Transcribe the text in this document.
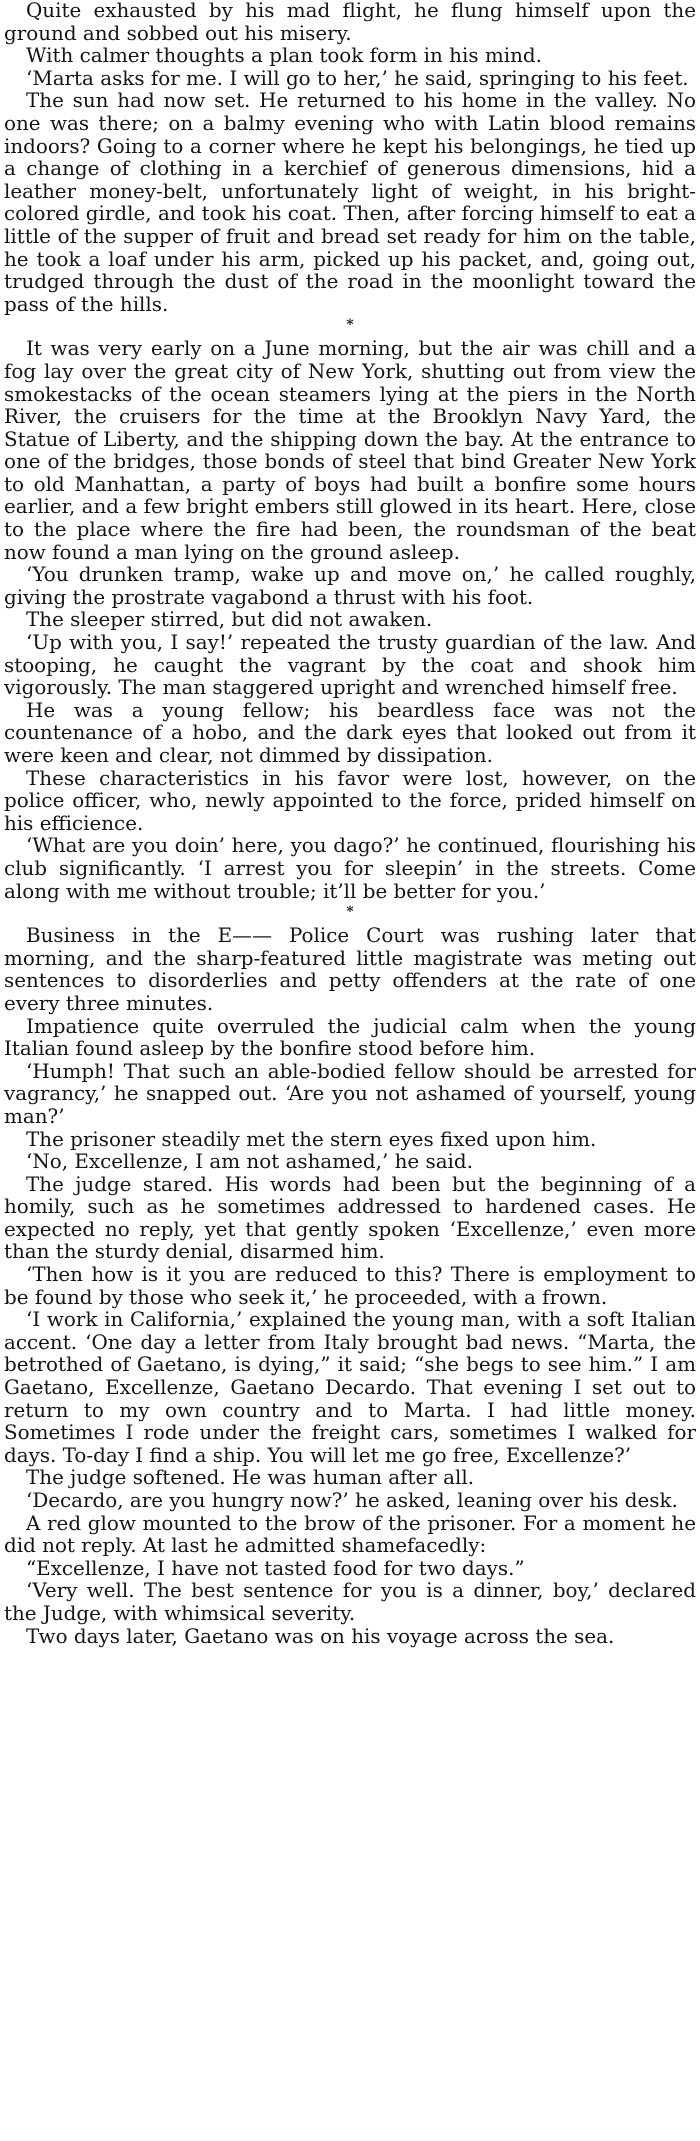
Quite exhausted by his mad flight, he flung himself upon the ground and sobbed out his misery.

With calmer thoughts a plan took form in his mind.

‘Marta asks for me. I will go to her,’ he said, springing to his feet.

The sun had now set. He returned to his home in the valley. No one was there; on a balmy evening who with Latin blood remains indoors? Going to a corner where he kept his belongings, he tied up a change of clothing in a kerchief of generous dimensions, hid a leather money-belt, unfortunately light of weight, in his bright-colored girdle, and took his coat. Then, after forcing himself to eat a little of the supper of fruit and bread set ready for him on the table, he took a loaf under his arm, picked up his packet, and, going out, trudged through the dust of the road in the moonlight toward the pass of the hills.

*

It was very early on a June morning, but the air was chill and a fog lay over the great city of New York, shutting out from view the smokestacks of the ocean steamers lying at the piers in the North River, the cruisers for the time at the Brooklyn Navy Yard, the Statue of Liberty, and the shipping down the bay. At the entrance to one of the bridges, those bonds of steel that bind Greater New York to old Manhattan, a party of boys had built a bonfire some hours earlier, and a few bright embers still glowed in its heart. Here, close to the place where the fire had been, the roundsman of the beat now found a man lying on the ground asleep.

‘You drunken tramp, wake up and move on,’ he called roughly, giving the prostrate vagabond a thrust with his foot.

The sleeper stirred, but did not awaken.

‘Up with you, I say!’ repeated the trusty guardian of the law. And stooping, he caught the vagrant by the coat and shook him vigorously. The man staggered upright and wrenched himself free.

He was a young fellow; his beardless face was not the countenance of a hobo, and the dark eyes that looked out from it were keen and clear, not dimmed by dissipation.

These characteristics in his favor were lost, however, on the police officer, who, newly appointed to the force, prided himself on his efficience.

‘What are you doin’ here, you dago?’ he continued, flourishing his club significantly. ‘I arrest you for sleepin’ in the streets. Come along with me without trouble; it’ll be better for you.’

*

Business in the E—— Police Court was rushing later that morning, and the sharp-featured little magistrate was meting out sentences to disorderlies and petty offenders at the rate of one every three minutes.

Impatience quite overruled the judicial calm when the young Italian found asleep by the bonfire stood before him.

‘Humph! That such an able-bodied fellow should be arrested for vagrancy,’ he snapped out. ‘Are you not ashamed of yourself, young man?’

The prisoner steadily met the stern eyes fixed upon him.

‘No, Excellenze, I am not ashamed,’ he said.

The judge stared. His words had been but the beginning of a homily, such as he sometimes addressed to hardened cases. He expected no reply, yet that gently spoken ‘Excellenze,’ even more than the sturdy denial, disarmed him.

‘Then how is it you are reduced to this? There is employment to be found by those who seek it,’ he proceeded, with a frown.

‘I work in California,’ explained the young man, with a soft Italian accent. ‘One day a letter from Italy brought bad news. “Marta, the betrothed of Gaetano, is dying,” it said; “she begs to see him.” I am Gaetano, Excellenze, Gaetano Decardo. That evening I set out to return to my own country and to Marta. I had little money. Sometimes I rode under the freight cars, sometimes I walked for days. To-day I find a ship. You will let me go free, Excellenze?’

The judge softened. He was human after all.

‘Decardo, are you hungry now?’ he asked, leaning over his desk.

A red glow mounted to the brow of the prisoner. For a moment he did not reply. At last he admitted shamefacedly:

“Excellenze, I have not tasted food for two days.”

‘Very well. The best sentence for you is a dinner, boy,’ declared the Judge, with whimsical severity.

Two days later, Gaetano was on his voyage across the sea.
